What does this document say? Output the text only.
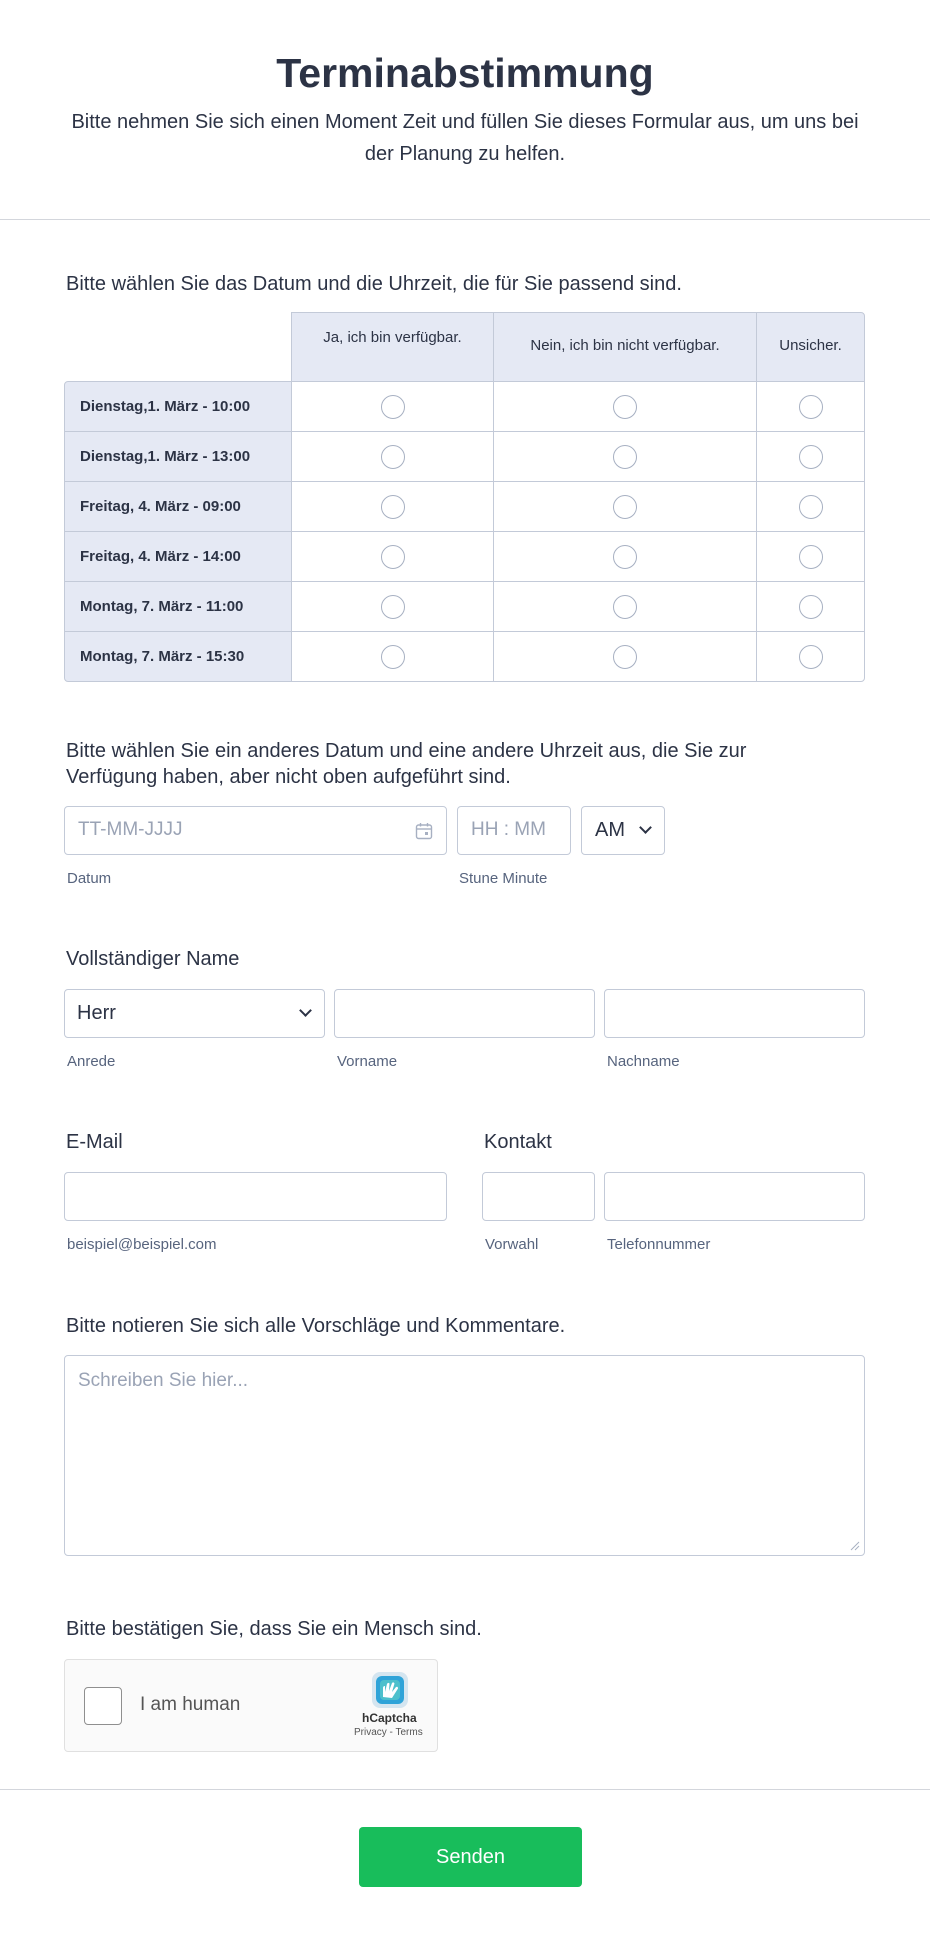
Terminabstimmung
Bitte nehmen Sie sich einen Moment Zeit und füllen Sie dieses Formular aus, um uns bei der Planung zu helfen.
Bitte wählen Sie das Datum und die Uhrzeit, die für Sie passend sind.
Ja, ich bin verfügbar.	Nein, ich bin nicht verfügbar.	Unsicher.
Dienstag,1. März - 10:00
Dienstag,1. März - 13:00
Freitag, 4. März - 09:00
Freitag, 4. März - 14:00
Montag, 7. März - 11:00
Montag, 7. März - 15:30
Bitte wählen Sie ein anderes Datum und eine andere Uhrzeit aus, die Sie zur Verfügung haben, aber nicht oben aufgeführt sind.
TT-MM-JJJJ
Datum
HH : MM
Stune Minute
AM
Vollständiger Name
Herr
Anrede	Vorname	Nachname
E-Mail
beispiel@beispiel.com
Kontakt
Vorwahl	Telefonnummer
Bitte notieren Sie sich alle Vorschläge und Kommentare.
Schreiben Sie hier...
Bitte bestätigen Sie, dass Sie ein Mensch sind.
I am human
hCaptcha
Privacy - Terms
Senden
